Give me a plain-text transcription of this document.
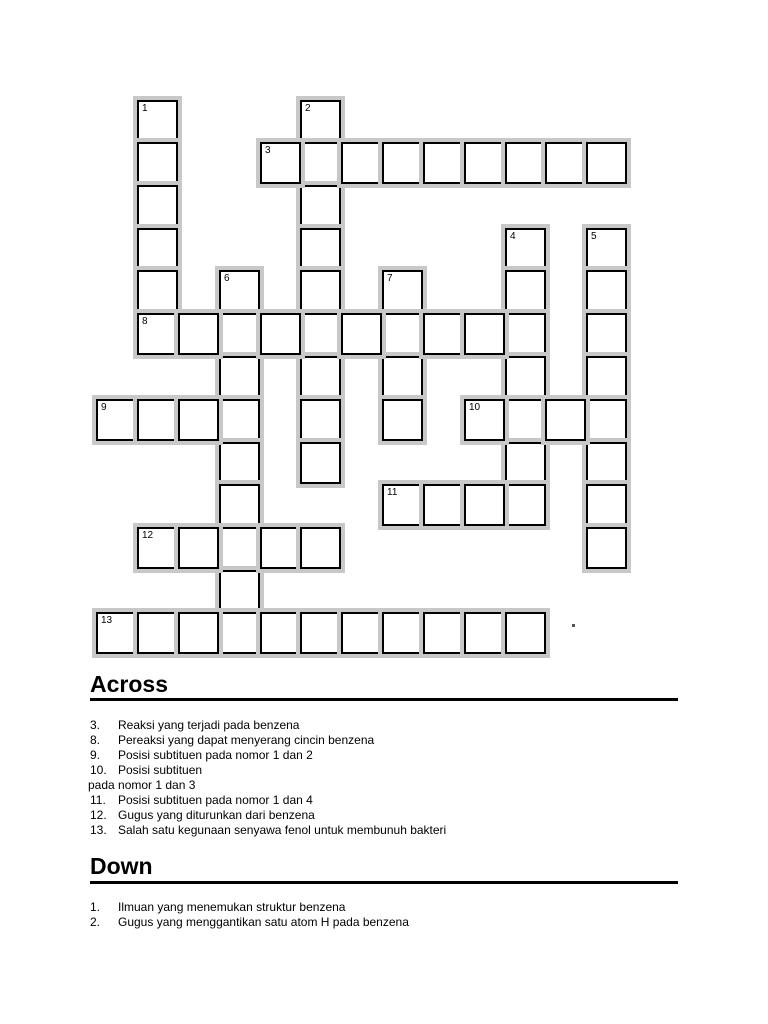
1
8
2
3
4	5
6	7
9	10
11
12
13
Across
3. Reaksi yang terjadi pada benzena
8. Pereaksi yang dapat menyerang cincin benzena
9. Posisi subtituen pada nomor 1 dan 2
10. Posisi subtituen
pada nomor 1 dan 3
11. Posisi subtituen pada nomor 1 dan 4
12. Gugus yang diturunkan dari benzena
13. Salah satu kegunaan senyawa fenol untuk membunuh bakteri
Down
1. Ilmuan yang menemukan struktur benzena
2. Gugus yang menggantikan satu atom H pada benzena
